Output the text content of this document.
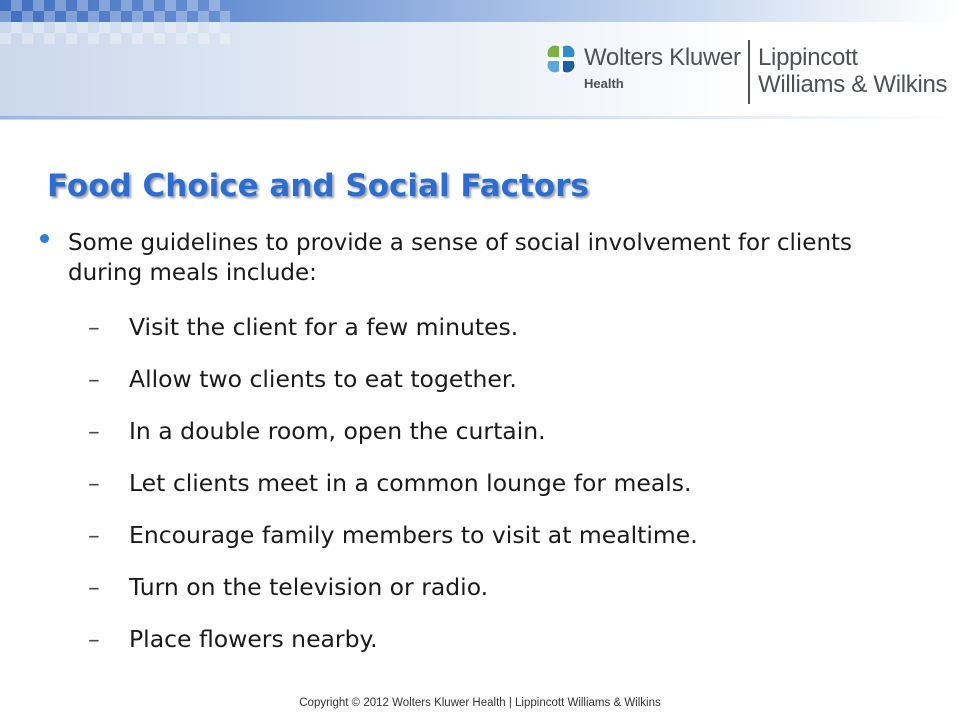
Wolters Kluwer
Health
Lippincott
Williams & Wilkins
Food Choice and Social Factors
Some guidelines to provide a sense of social involvement for clients during meals include:
– Visit the client for a few minutes.
– Allow two clients to eat together.
– In a double room, open the curtain.
– Let clients meet in a common lounge for meals.
– Encourage family members to visit at mealtime.
– Turn on the television or radio.
– Place flowers nearby.
Copyright © 2012 Wolters Kluwer Health | Lippincott Williams & Wilkins
